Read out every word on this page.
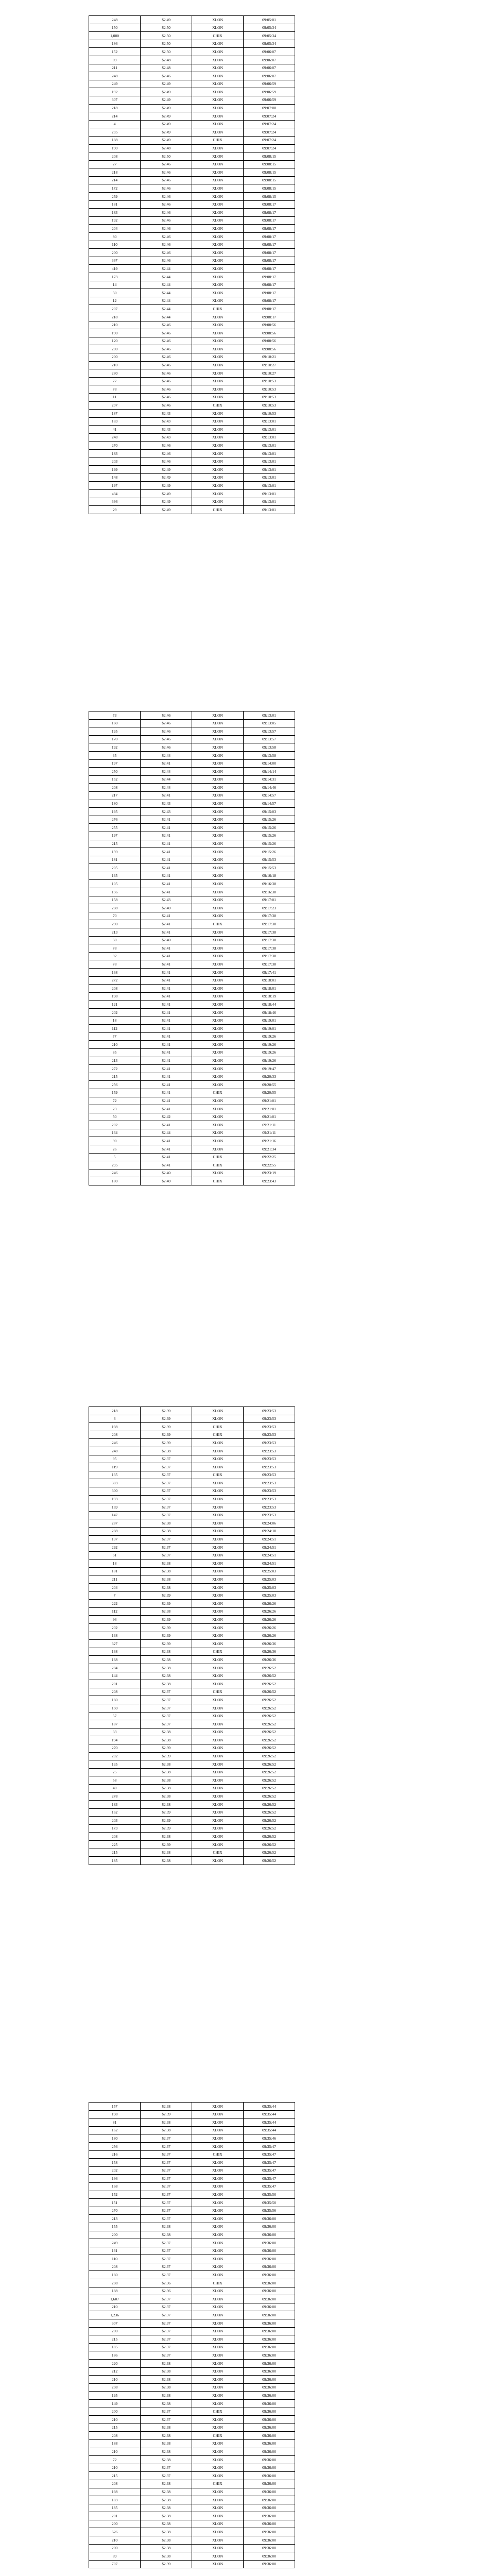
248	$2.49	XLON	09:05:01
150	$2.50	XLON	09:05:34
1,000	$2.50	CHIX	09:05:34
186	$2.50	XLON	09:05:34
152	$2.50	XLON	09:06:07
89	$2.48	XLON	09:06:07
211	$2.48	XLON	09:06:07
248	$2.46	XLON	09:06:07
249	$2.49	XLON	09:06:59
192	$2.49	XLON	09:06:59
307	$2.49	XLON	09:06:59
218	$2.49	XLON	09:07:08
214	$2.49	XLON	09:07:24
4	$2.49	XLON	09:07:24
205	$2.49	XLON	09:07:24
188	$2.49	CHIX	09:07:24
190	$2.48	XLON	09:07:24
208	$2.50	XLON	09:08:15
27	$2.46	XLON	09:08:15
218	$2.46	XLON	09:08:15
214	$2.46	XLON	09:08:15
172	$2.46	XLON	09:08:15
259	$2.46	XLON	09:08:15
181	$2.46	XLON	09:08:17
183	$2.46	XLON	09:08:17
192	$2.46	XLON	09:08:17
204	$2.46	XLON	09:08:17
80	$2.46	XLON	09:08:17
110	$2.46	XLON	09:08:17
200	$2.46	XLON	09:08:17
367	$2.46	XLON	09:08:17
419	$2.44	XLON	09:08:17
173	$2.44	XLON	09:08:17
14	$2.44	XLON	09:08:17
50	$2.44	XLON	09:08:17
12	$2.44	XLON	09:08:17
207	$2.44	CHIX	09:08:17
218	$2.44	XLON	09:08:17
210	$2.46	XLON	09:08:56
190	$2.46	XLON	09:08:56
120	$2.46	XLON	09:08:56
200	$2.46	XLON	09:08:56
200	$2.46	XLON	09:10:21
210	$2.46	XLON	09:10:27
280	$2.46	XLON	09:10:27
77	$2.46	XLON	09:10:53
78	$2.46	XLON	09:10:53
11	$2.46	XLON	09:10:53
207	$2.46	CHIX	09:10:53
187	$2.43	XLON	09:10:53
183	$2.43	XLON	09:13:01
41	$2.43	XLON	09:13:01
248	$2.43	XLON	09:13:01
270	$2.46	XLON	09:13:01
183	$2.46	XLON	09:13:01
203	$2.46	XLON	09:13:01
199	$2.49	XLON	09:13:01
148	$2.49	XLON	09:13:01
197	$2.49	XLON	09:13:01
494	$2.49	XLON	09:13:01
336	$2.49	XLON	09:13:01
29	$2.49	CHIX	09:13:01
73	$2.46	XLON	09:13:01
160	$2.46	XLON	09:13:05
195	$2.46	XLON	09:13:57
170	$2.46	XLON	09:13:57
192	$2.46	XLON	09:13:58
35	$2.44	XLON	09:13:58
197	$2.41	XLON	09:14:00
250	$2.44	XLON	09:14:14
152	$2.44	XLON	09:14:31
208	$2.44	XLON	09:14:46
217	$2.41	XLON	09:14:57
180	$2.43	XLON	09:14:57
195	$2.43	XLON	09:15:03
276	$2.41	XLON	09:15:26
255	$2.41	XLON	09:15:26
197	$2.41	XLON	09:15:26
215	$2.41	XLON	09:15:26
159	$2.41	XLON	09:15:26
181	$2.41	XLON	09:15:53
205	$2.41	XLON	09:15:53
135	$2.41	XLON	09:16:18
105	$2.41	XLON	09:16:38
156	$2.41	XLON	09:16:38
158	$2.43	XLON	09:17:01
208	$2.40	XLON	09:17:23
70	$2.41	XLON	09:17:38
290	$2.41	CHIX	09:17:38
213	$2.41	XLON	09:17:38
50	$2.40	XLON	09:17:38
78	$2.41	XLON	09:17:38
92	$2.41	XLON	09:17:38
78	$2.41	XLON	09:17:38
168	$2.41	XLON	09:17:41
272	$2.41	XLON	09:18:01
208	$2.41	XLON	09:18:01
198	$2.41	XLON	09:18:19
121	$2.41	XLON	09:18:44
202	$2.41	XLON	09:18:46
18	$2.41	XLON	09:19:01
112	$2.41	XLON	09:19:01
77	$2.41	XLON	09:19:26
210	$2.41	XLON	09:19:26
85	$2.41	XLON	09:19:26
213	$2.41	XLON	09:19:26
272	$2.41	XLON	09:19:47
215	$2.41	XLON	09:20:33
256	$2.41	XLON	09:20:55
159	$2.41	CHIX	09:20:55
72	$2.41	XLON	09:21:01
23	$2.41	XLON	09:21:01
50	$2.42	XLON	09:21:01
202	$2.41	XLON	09:21:11
134	$2.44	XLON	09:21:11
90	$2.41	XLON	09:21:16
26	$2.41	XLON	09:21:34
5	$2.41	CHIX	09:22:25
295	$2.41	CHIX	09:22:55
246	$2.40	XLON	09:23:19
180	$2.40	CHIX	09:23:43
218	$2.39	XLON	09:23:53
6	$2.39	XLON	09:23:53
198	$2.39	CHIX	09:23:53
208	$2.39	CHIX	09:23:53
246	$2.39	XLON	09:23:53
248	$2.38	XLON	09:23:53
95	$2.37	XLON	09:23:53
119	$2.37	XLON	09:23:53
135	$2.37	CHIX	09:23:53
303	$2.37	XLON	09:23:53
300	$2.37	XLON	09:23:53
193	$2.37	XLON	09:23:53
169	$2.37	XLON	09:23:53
147	$2.37	XLON	09:23:53
287	$2.38	XLON	09:24:06
288	$2.38	XLON	09:24:10
137	$2.37	XLON	09:24:51
292	$2.37	XLON	09:24:51
51	$2.37	XLON	09:24:51
18	$2.38	XLON	09:24:51
181	$2.38	XLON	09:25:03
211	$2.38	XLON	09:25:03
204	$2.38	XLON	09:25:03
7	$2.39	XLON	09:25:03
222	$2.39	XLON	09:26:26
112	$2.38	XLON	09:26:26
96	$2.39	XLON	09:26:26
202	$2.39	XLON	09:26:26
138	$2.39	XLON	09:26:26
327	$2.39	XLON	09:26:36
168	$2.38	CHIX	09:26:36
168	$2.38	XLON	09:26:36
284	$2.38	XLON	09:26:52
144	$2.38	XLON	09:26:52
201	$2.38	XLON	09:26:52
208	$2.37	CHIX	09:26:52
160	$2.37	XLON	09:26:52
150	$2.37	XLON	09:26:52
57	$2.37	XLON	09:26:52
187	$2.37	XLON	09:26:52
33	$2.38	XLON	09:26:52
194	$2.38	XLON	09:26:52
270	$2.39	XLON	09:26:52
202	$2.39	XLON	09:26:52
135	$2.38	XLON	09:26:52
25	$2.38	XLON	09:26:52
58	$2.38	XLON	09:26:52
40	$2.38	XLON	09:26:52
278	$2.38	XLON	09:26:52
183	$2.38	XLON	09:26:52
162	$2.39	XLON	09:26:52
203	$2.39	XLON	09:26:52
173	$2.39	XLON	09:26:52
208	$2.38	XLON	09:26:52
225	$2.39	XLON	09:26:52
215	$2.38	CHIX	09:26:52
185	$2.38	XLON	09:26:52
157	$2.38	XLON	09:35:44
198	$2.39	XLON	09:35:44
81	$2.38	XLON	09:35:44
162	$2.38	XLON	09:35:44
180	$2.37	XLON	09:35:46
256	$2.37	XLON	09:35:47
216	$2.37	CHIX	09:35:47
158	$2.37	XLON	09:35:47
202	$2.37	XLON	09:35:47
166	$2.37	XLON	09:35:47
168	$2.37	XLON	09:35:47
152	$2.37	XLON	09:35:50
151	$2.37	XLON	09:35:50
270	$2.37	XLON	09:35:56
213	$2.37	XLON	09:36:00
155	$2.38	XLON	09:36:00
200	$2.38	XLON	09:36:00
249	$2.37	XLON	09:36:00
131	$2.37	XLON	09:36:00
110	$2.37	XLON	09:36:00
208	$2.37	XLON	09:36:00
160	$2.37	XLON	09:36:00
208	$2.36	CHIX	09:36:00
188	$2.36	XLON	09:36:00
1,607	$2.37	XLON	09:36:00
210	$2.37	XLON	09:36:00
1,236	$2.37	XLON	09:36:00
307	$2.37	XLON	09:36:00
200	$2.37	XLON	09:36:00
215	$2.37	XLON	09:36:00
185	$2.37	XLON	09:36:00
186	$2.37	XLON	09:36:00
220	$2.38	XLON	09:36:00
212	$2.38	XLON	09:36:00
210	$2.38	XLON	09:36:00
208	$2.38	XLON	09:36:00
195	$2.38	XLON	09:36:00
149	$2.38	XLON	09:36:00
200	$2.37	CHIX	09:36:00
210	$2.37	XLON	09:36:00
215	$2.38	XLON	09:36:00
208	$2.38	CHIX	09:36:00
188	$2.38	XLON	09:36:00
210	$2.38	XLON	09:36:00
72	$2.38	XLON	09:36:00
210	$2.37	XLON	09:36:00
215	$2.37	XLON	09:36:00
208	$2.38	CHIX	09:36:00
198	$2.38	XLON	09:36:00
183	$2.38	XLON	09:36:00
185	$2.38	XLON	09:36:00
201	$2.38	XLON	09:36:00
200	$2.38	XLON	09:36:00
626	$2.38	XLON	09:36:00
210	$2.38	XLON	09:36:00
200	$2.38	XLON	09:36:00
89	$2.38	XLON	09:36:00
707	$2.39	XLON	09:36:00
